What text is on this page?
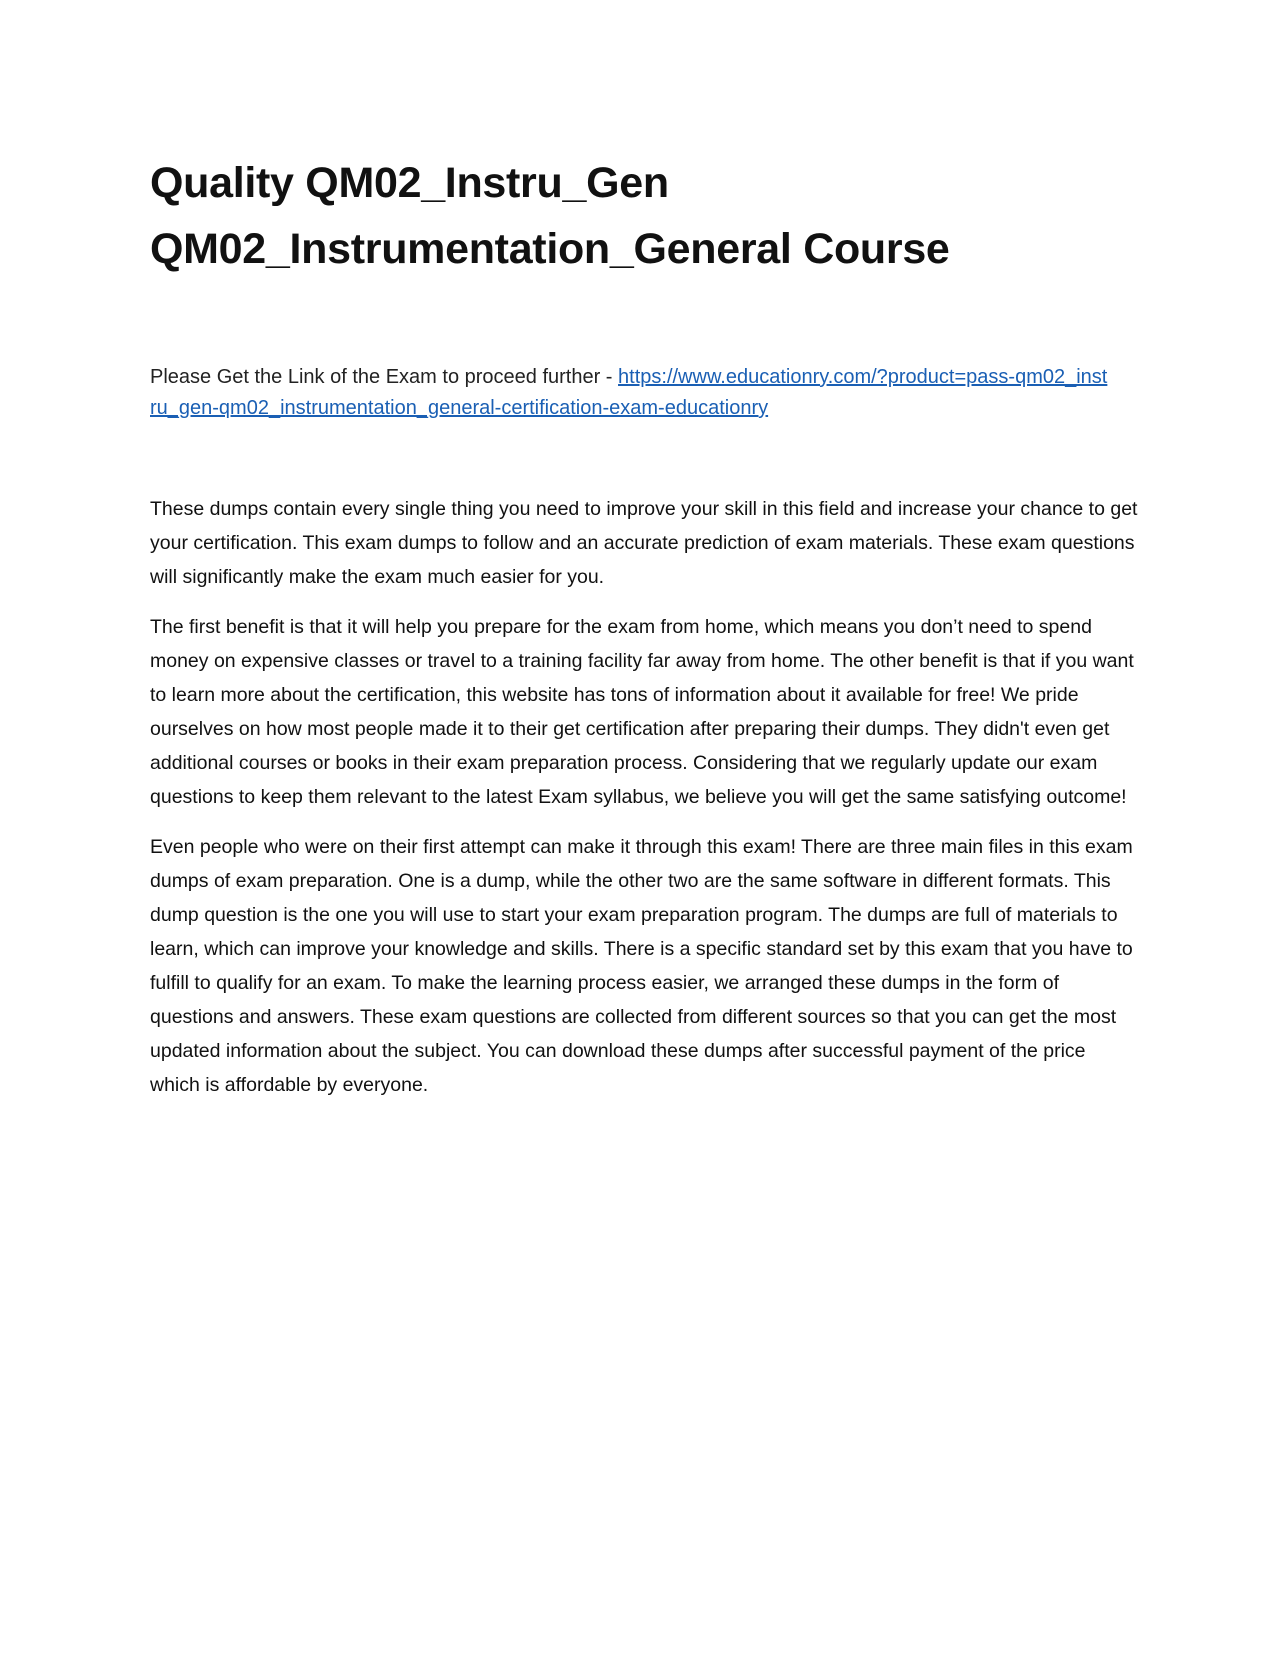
Quality QM02_Instru_Gen
QM02_Instrumentation_General Course

Please Get the Link of the Exam to proceed further - https://www.educationry.com/?product=pass-qm02_instru_gen-qm02_instrumentation_general-certification-exam-educationry

These dumps contain every single thing you need to improve your skill in this field and increase your chance to get your certification. This exam dumps to follow and an accurate prediction of exam materials. These exam questions will significantly make the exam much easier for you.

The first benefit is that it will help you prepare for the exam from home, which means you don’t need to spend money on expensive classes or travel to a training facility far away from home. The other benefit is that if you want to learn more about the certification, this website has tons of information about it available for free! We pride ourselves on how most people made it to their get certification after preparing their dumps. They didn't even get additional courses or books in their exam preparation process. Considering that we regularly update our exam questions to keep them relevant to the latest Exam syllabus, we believe you will get the same satisfying outcome!

Even people who were on their first attempt can make it through this exam! There are three main files in this exam dumps of exam preparation. One is a dump, while the other two are the same software in different formats. This dump question is the one you will use to start your exam preparation program. The dumps are full of materials to learn, which can improve your knowledge and skills. There is a specific standard set by this exam that you have to fulfill to qualify for an exam. To make the learning process easier, we arranged these dumps in the form of questions and answers. These exam questions are collected from different sources so that you can get the most updated information about the subject. You can download these dumps after successful payment of the price which is affordable by everyone.
